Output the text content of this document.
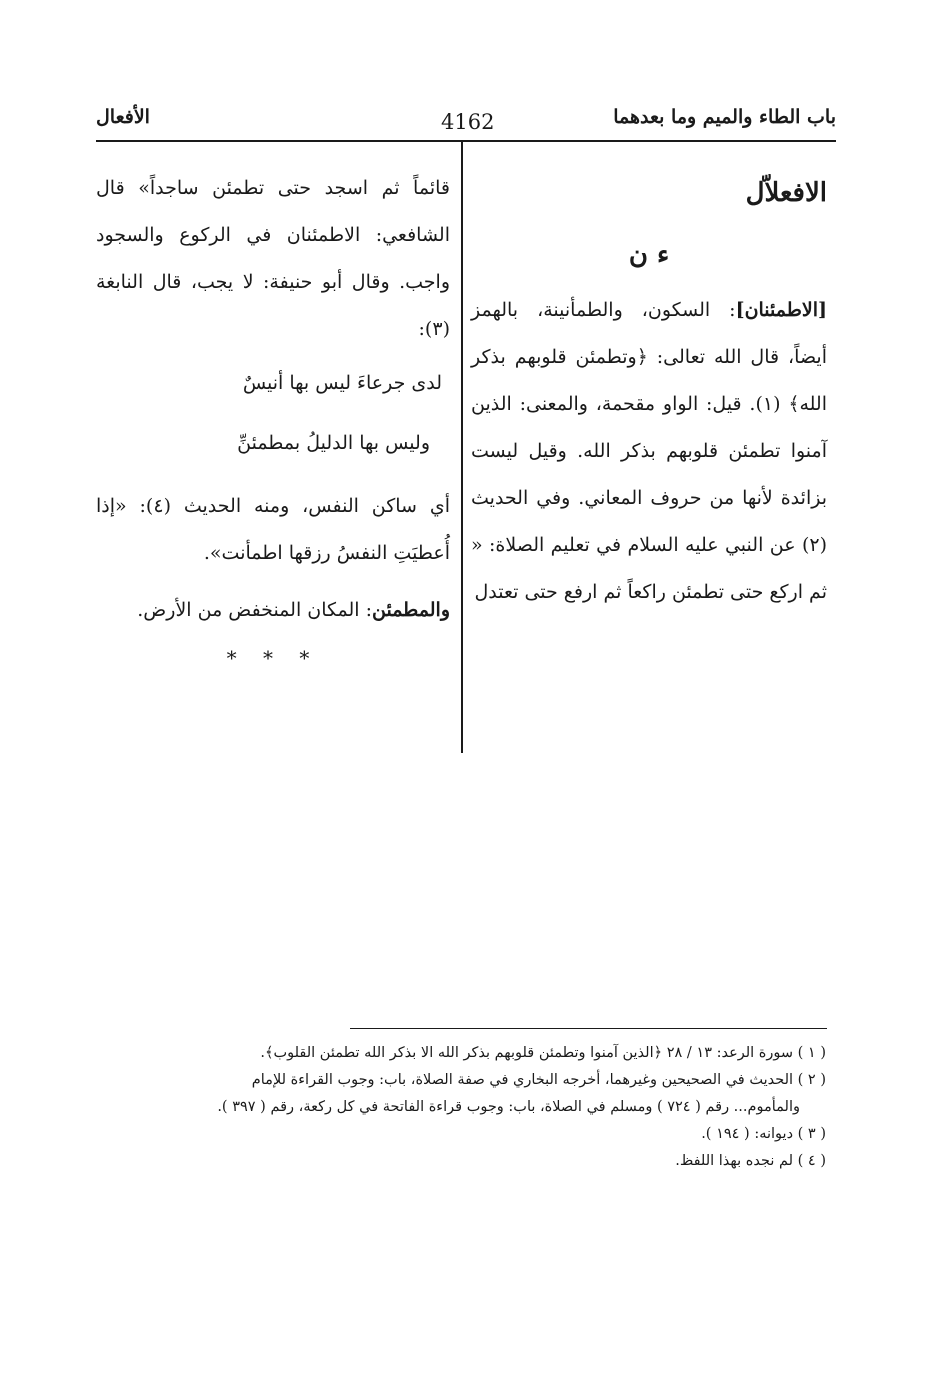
باب الطاء والميم وما بعدهما
4162
الأفعال
الافعلاّل
ء ن

[الاطمئنان]: السكون، والطمأنينة، بالهمز أيضاً، قال الله تعالى: ﴿وتطمئن قلوبهم بذكر الله﴾ (١). قيل: الواو مقحمة، والمعنى: الذين آمنوا تطمئن قلوبهم بذكر الله. وقيل ليست بزائدة لأنها من حروف المعاني. وفي الحديث (٢) عن النبي عليه السلام في تعليم الصلاة: « ثم اركع حتى تطمئن راكعاً ثم ارفع حتى تعتدل

قائماً ثم اسجد حتى تطمئن ساجداً» قال الشافعي: الاطمئنان في الركوع والسجود واجب. وقال أبو حنيفة: لا يجب، قال النابغة (٣):

لدى جرعاءَ ليس بها أنيسٌ

وليس بها الدليلُ بمطمئنِّ

أي ساكن النفس، ومنه الحديث (٤): «إذا أُعطيَتِ النفسُ رزقها اطمأنت».

والمطمئن: المكان المنخفض من الأرض.

* * *

( ١ ) سورة الرعد: ١٣ / ٢٨ ﴿الذين آمنوا وتطمئن قلوبهم بذكر الله الا بذكر الله تطمئن القلوب﴾.

( ٢ ) الحديث في الصحيحين وغيرهما، أخرجه البخاري في صفة الصلاة، باب: وجوب القراءة للإمام

والمأموم... رقم ( ٧٢٤ ) ومسلم في الصلاة، باب: وجوب قراءة الفاتحة في كل ركعة، رقم ( ٣٩٧ ).

( ٣ ) ديوانه: ( ١٩٤ ).

( ٤ ) لم نجده بهذا اللفظ.
